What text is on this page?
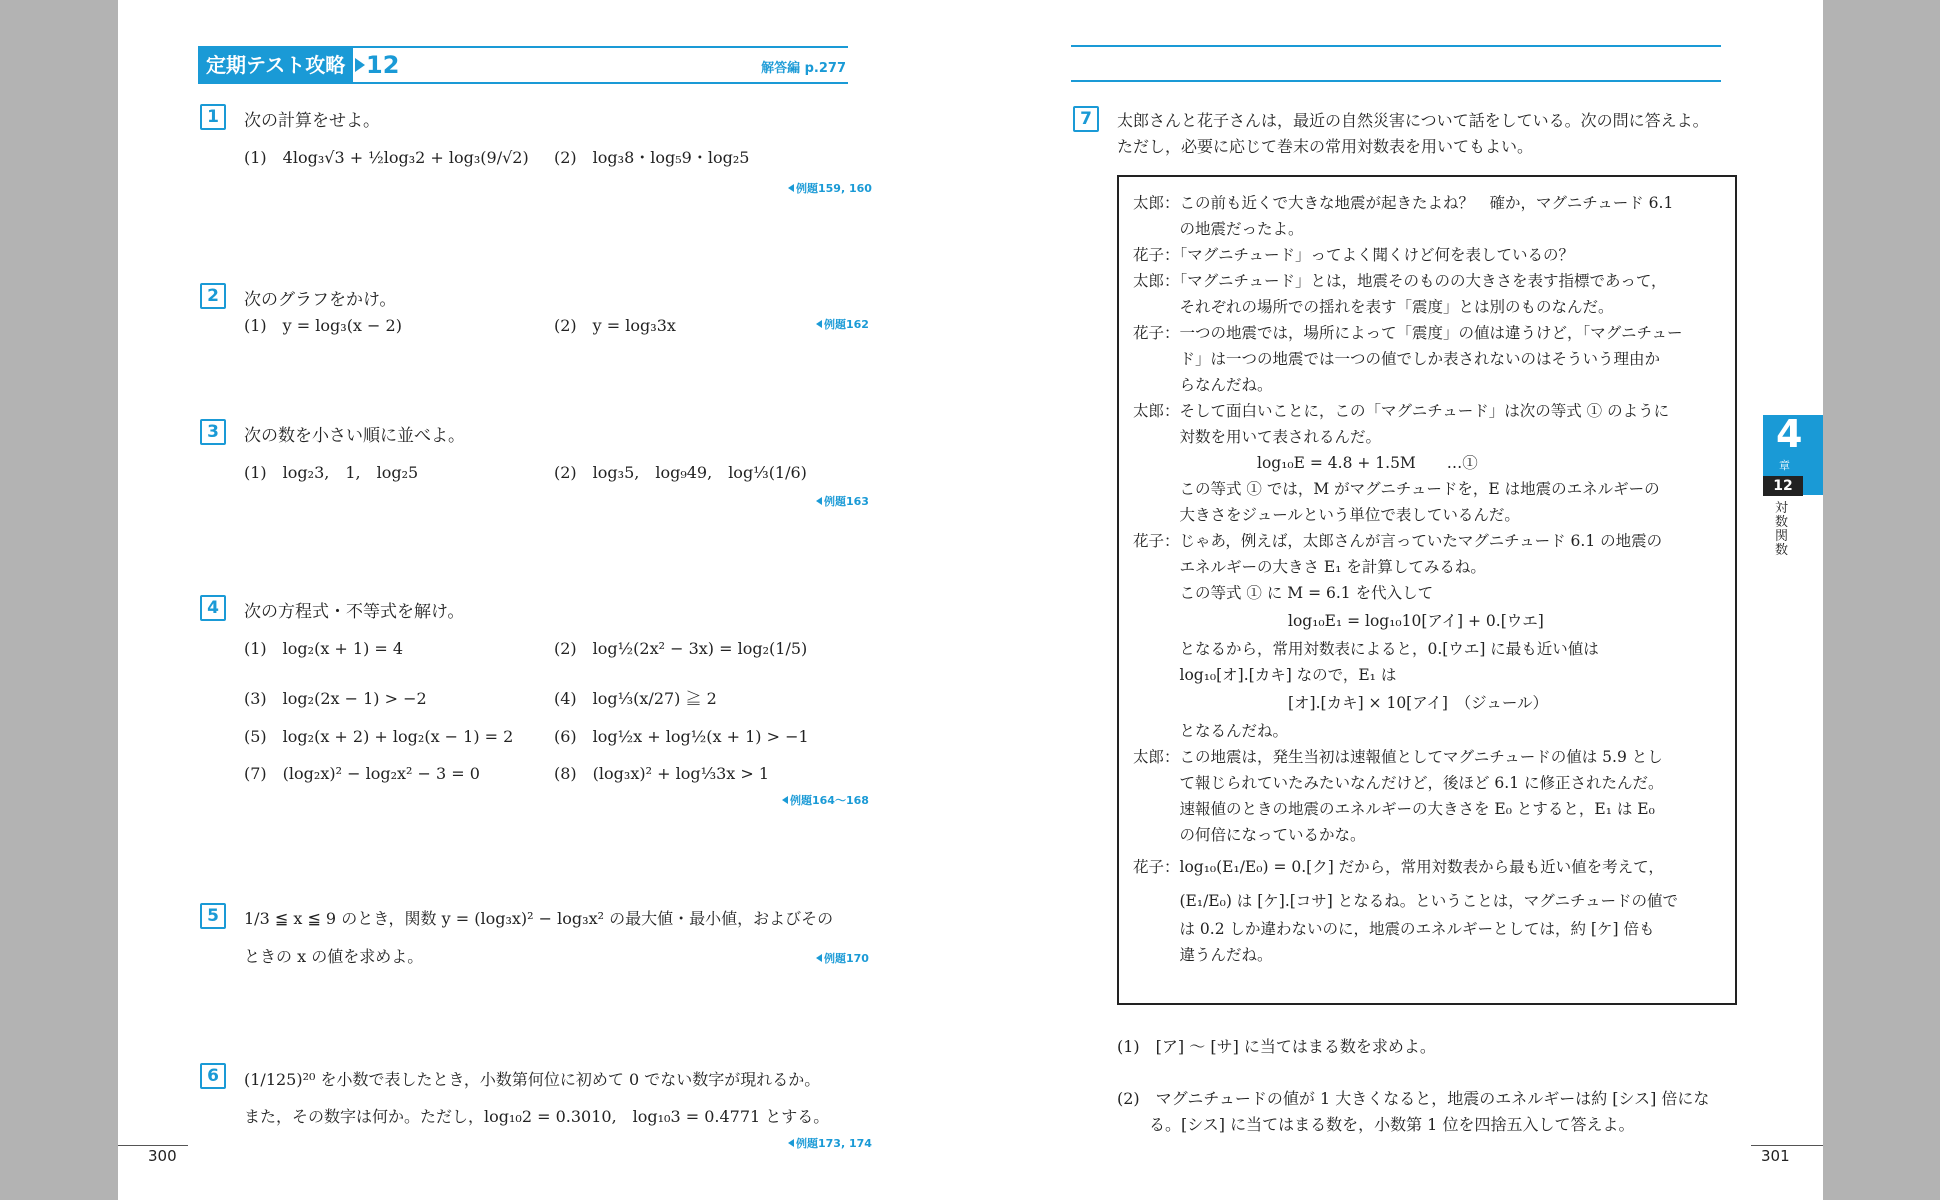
定期テスト攻略 12	解答編 p.277
1	次の計算をせよ。
(1)　4log₃√3 + ½log₃2 + log₃(9/√2) (2)　log₃8・log₅9・log₂5
例題159, 160
2	次のグラフをかけ。
(1)　y = log₃(x − 2)	(2)　y = log₃3x	例題162
3	次の数を小さい順に並べよ。
(1)　log₂3,　1,　log₂5	(2)　log₃5,　log₉49,　log⅓(1/6)
例題163
4	次の方程式・不等式を解け。
(1)　log₂(x + 1) = 4	(2)　log½(2x² − 3x) = log₂(1/5)
(3)　log₂(2x − 1) > −2	(4)　log⅓(x/27) ≧ 2
(5)　log₂(x + 2) + log₂(x − 1) = 2	(6)　log½x + log½(x + 1) > −1
(7)　(log₂x)² − log₂x² − 3 = 0	(8)　(log₃x)² + log⅓3x > 1
例題164〜168
5	1/3 ≦ x ≦ 9 のとき，関数 y = (log₃x)² − log₃x² の最大値・最小値，およびその
ときの x の値を求めよ。	例題170
6	(1/125)²⁰ を小数で表したとき，小数第何位に初めて 0 でない数字が現れるか。
また，その数字は何か。ただし，log₁₀2 = 0.3010,　log₁₀3 = 0.4771 とする。
例題173, 174
300
7	太郎さんと花子さんは，最近の自然災害について話をしている。次の問に答えよ。
ただし，必要に応じて巻末の常用対数表を用いてもよい。
太郎：この前も近くで大きな地震が起きたよね？　確か，マグニチュード 6.1
　　　の地震だったよ。
花子：「マグニチュード」ってよく聞くけど何を表しているの？
太郎：「マグニチュード」とは，地震そのものの大きさを表す指標であって，
　　　それぞれの場所での揺れを表す「震度」とは別のものなんだ。
花子：一つの地震では，場所によって「震度」の値は違うけど，「マグニチュー
　　　ド」は一つの地震では一つの値でしか表されないのはそういう理由か
　　　らなんだね。
太郎：そして面白いことに，この「マグニチュード」は次の等式 ① のように
　　　対数を用いて表されるんだ。
　　　　　　　　log₁₀E = 4.8 + 1.5M　　…①
　　　この等式 ① では，M がマグニチュードを，E は地震のエネルギーの
　　　大きさをジュールという単位で表しているんだ。
花子：じゃあ，例えば，太郎さんが言っていたマグニチュード 6.1 の地震の
　　　エネルギーの大きさ E₁ を計算してみるね。
　　　この等式 ① に M = 6.1 を代入して
　　　　　　　　　　log₁₀E₁ = log₁₀10[アイ] + 0.[ウエ]
　　　となるから，常用対数表によると，0.[ウエ] に最も近い値は
　　　log₁₀[オ].[カキ] なので，E₁ は
　　　　　　　　　　[オ].[カキ] × 10[アイ]　（ジュール）
　　　となるんだね。
太郎：この地震は，発生当初は速報値としてマグニチュードの値は 5.9 とし
　　　て報じられていたみたいなんだけど，後ほど 6.1 に修正されたんだ。
　　　速報値のときの地震のエネルギーの大きさを E₀ とすると，E₁ は E₀
　　　の何倍になっているかな。
花子：log₁₀(E₁/E₀) = 0.[ク] だから，常用対数表から最も近い値を考えて，
　　　(E₁/E₀) は [ケ].[コサ] となるね。ということは，マグニチュードの値で
　　　は 0.2 しか違わないのに，地震のエネルギーとしては，約 [ケ] 倍も
　　　違うんだね。
(1)　[ア] 〜 [サ] に当てはまる数を求めよ。
(2)　マグニチュードの値が 1 大きくなると，地震のエネルギーは約 [シス] 倍にな
　　る。[シス] に当てはまる数を，小数第 1 位を四捨五入して答えよ。
301
4
章
12
対数関数
